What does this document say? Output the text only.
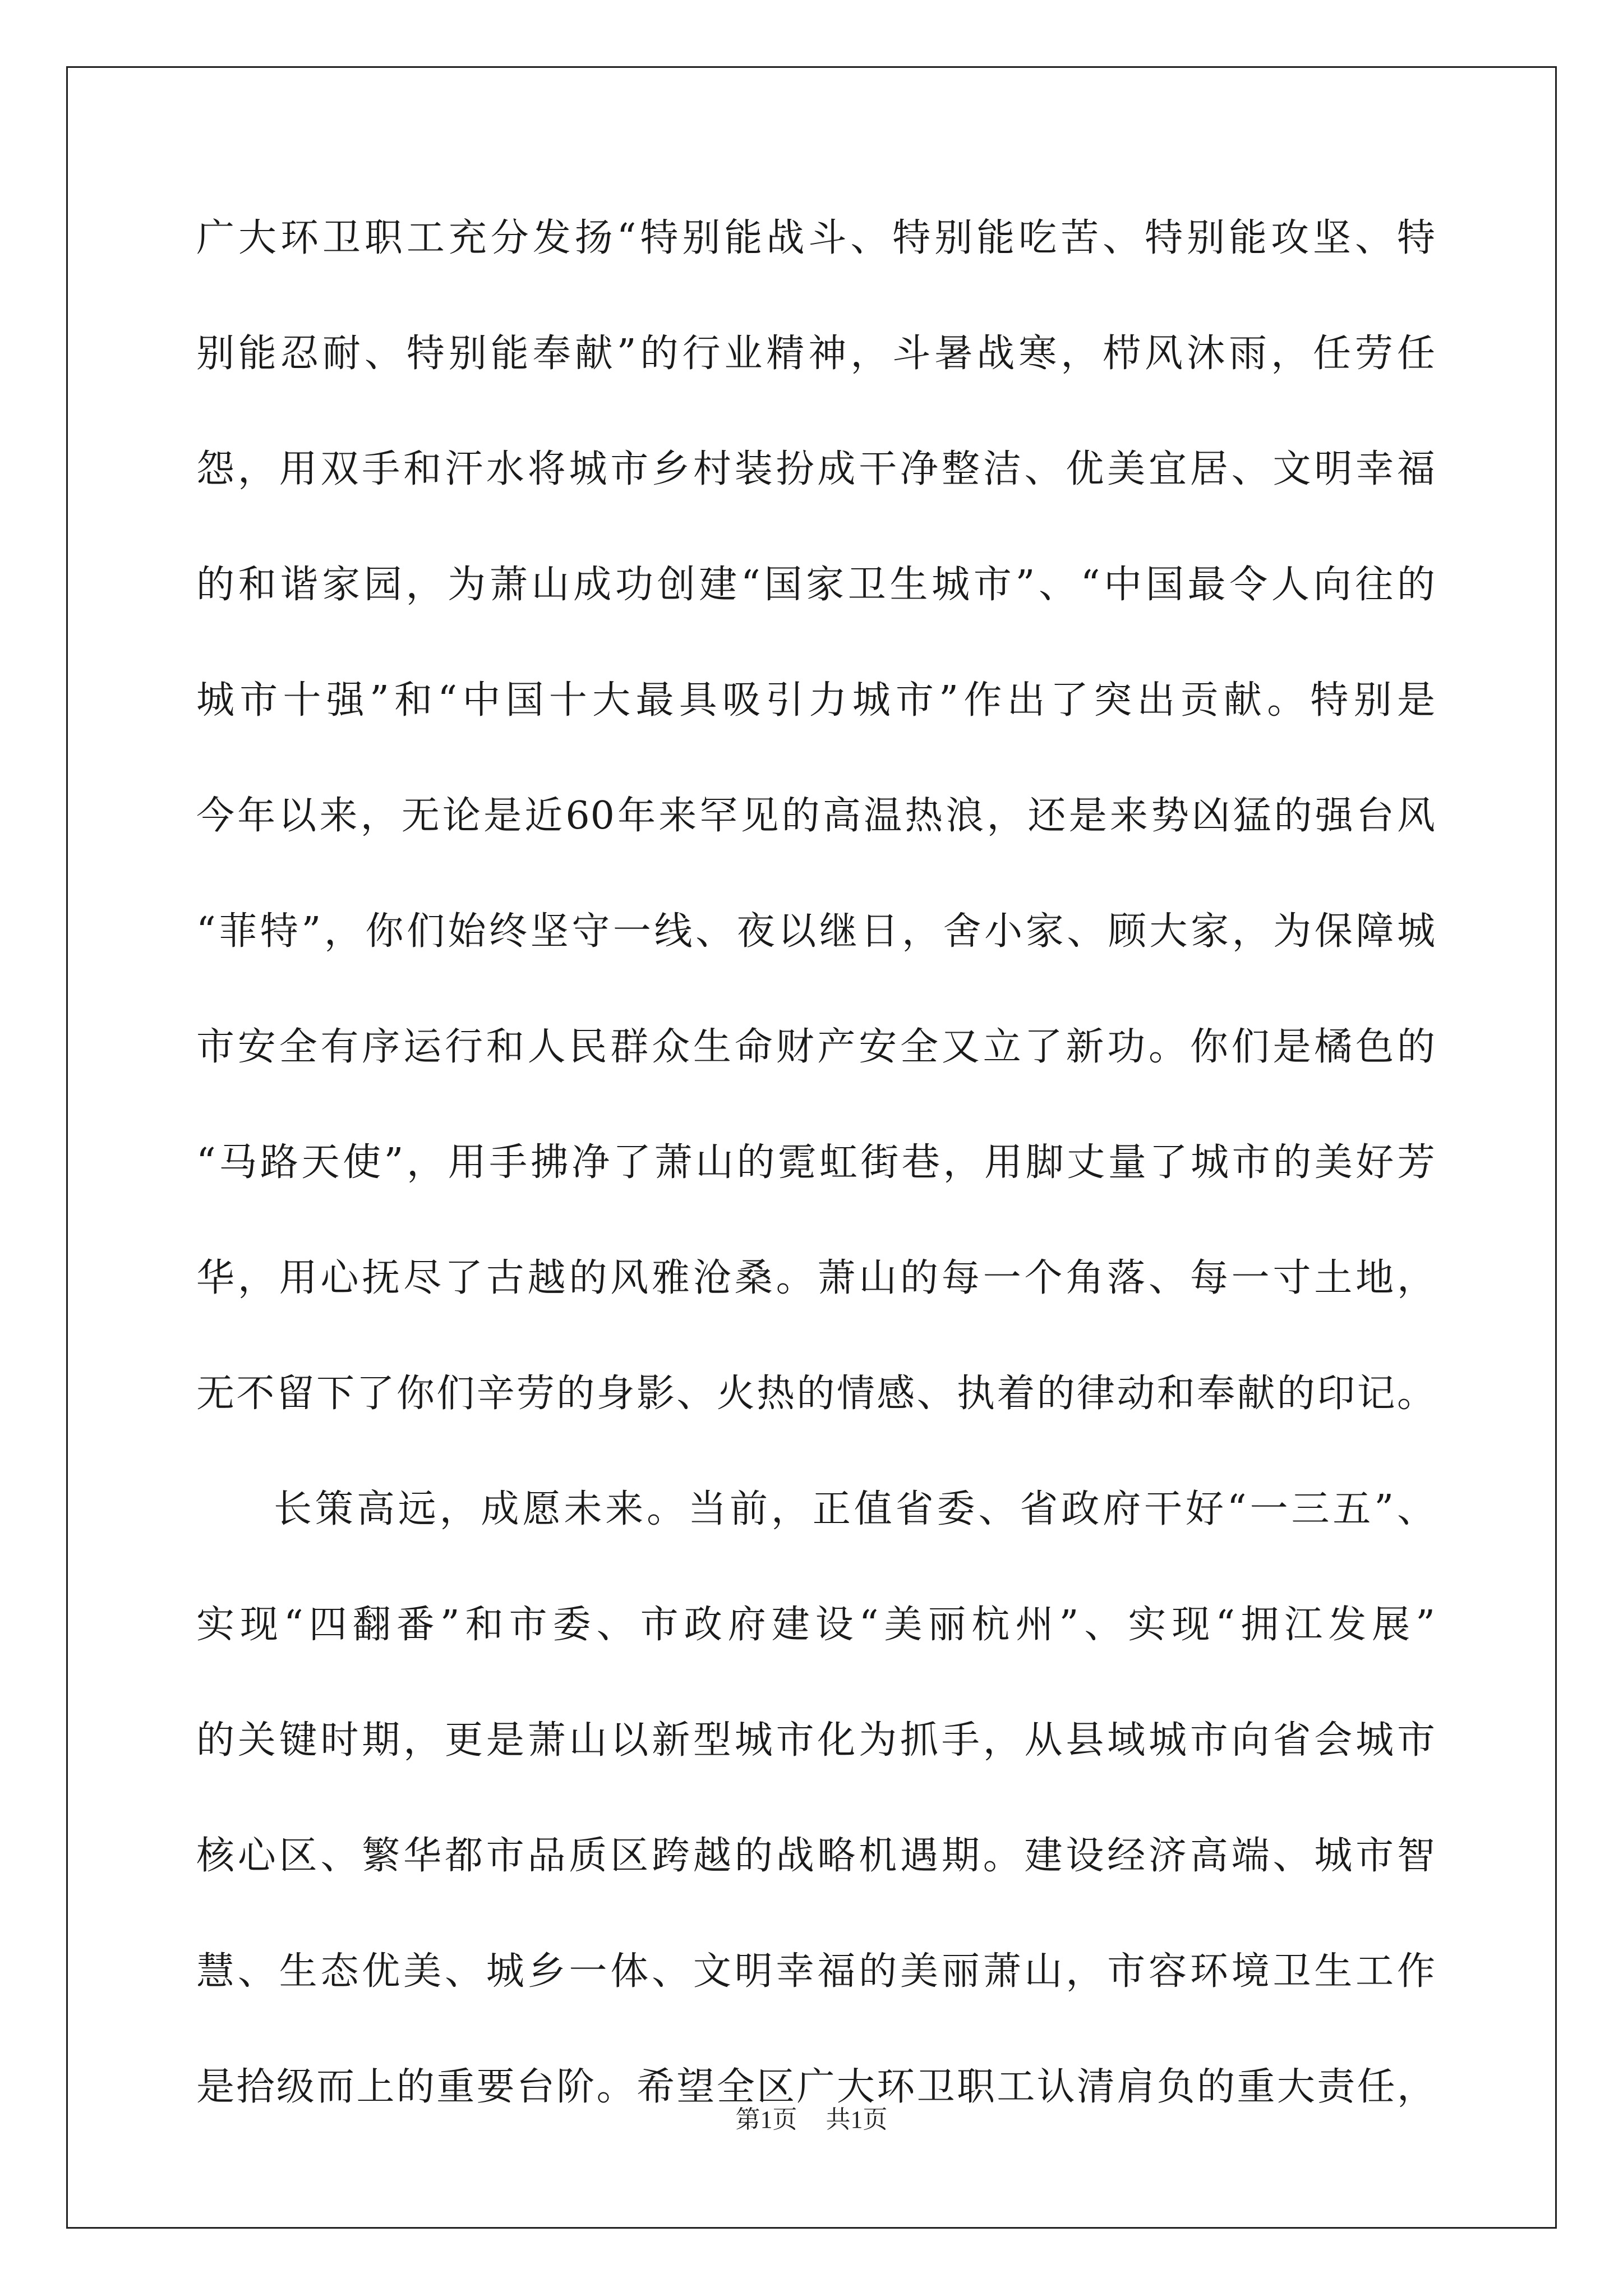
广大环卫职工充分发扬“特别能战斗、特别能吃苦、特别能攻坚、特
别能忍耐、特别能奉献”的行业精神，斗暑战寒，栉风沐雨，任劳任
怨，用双手和汗水将城市乡村装扮成干净整洁、优美宜居、文明幸福
的和谐家园，为萧山成功创建“国家卫生城市”、“中国最令人向往的
城市十强”和“中国十大最具吸引力城市”作出了突出贡献。特别是
今年以来，无论是近60年来罕见的高温热浪，还是来势凶猛的强台风
“菲特”，你们始终坚守一线、夜以继日，舍小家、顾大家，为保障城
市安全有序运行和人民群众生命财产安全又立了新功。你们是橘色的
“马路天使”，用手拂净了萧山的霓虹街巷，用脚丈量了城市的美好芳
华，用心抚尽了古越的风雅沧桑。萧山的每一个角落、每一寸土地，
无不留下了你们辛劳的身影、火热的情感、执着的律动和奉献的印记。
长策高远，成愿未来。当前，正值省委、省政府干好“一三五”、
实现“四翻番”和市委、市政府建设“美丽杭州”、实现“拥江发展”
的关键时期，更是萧山以新型城市化为抓手，从县域城市向省会城市
核心区、繁华都市品质区跨越的战略机遇期。建设经济高端、城市智
慧、生态优美、城乡一体、文明幸福的美丽萧山，市容环境卫生工作
是拾级而上的重要台阶。希望全区广大环卫职工认清肩负的重大责任，
第1页 共1页
